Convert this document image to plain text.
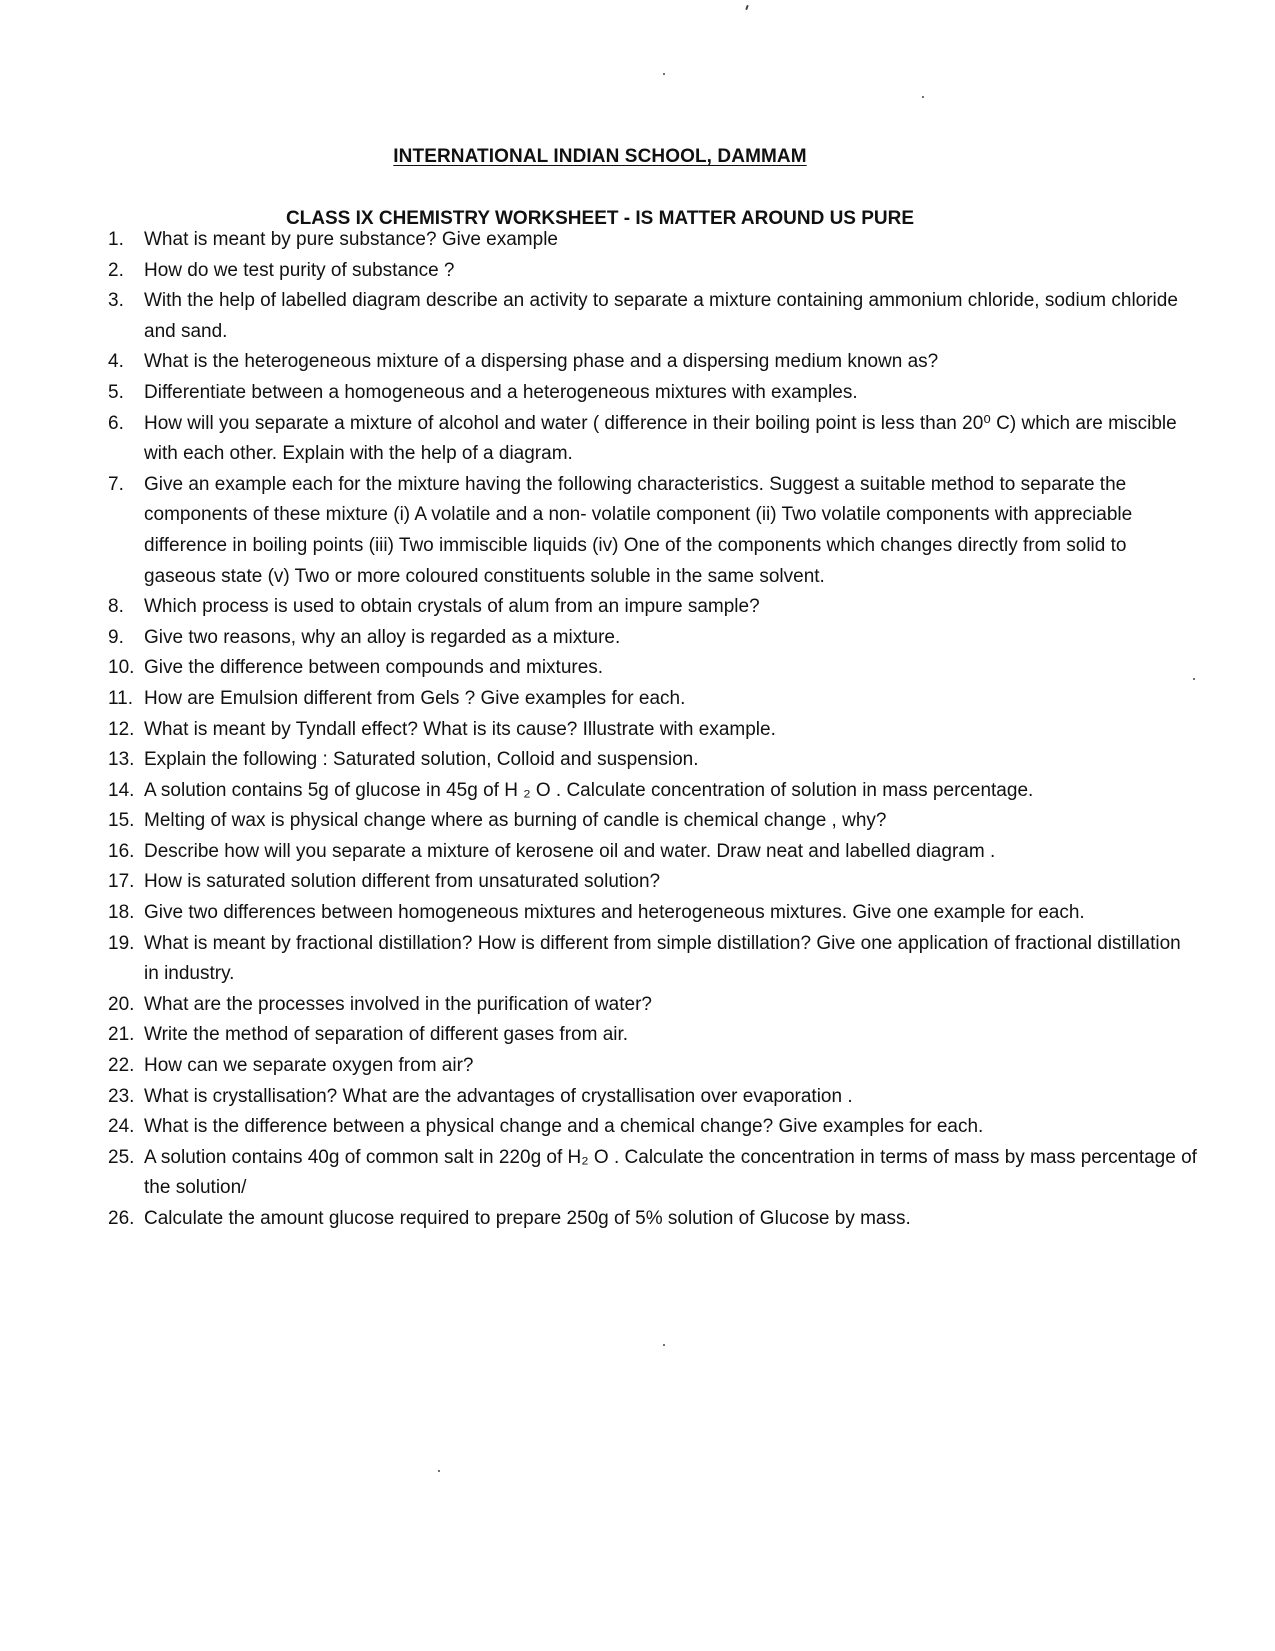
INTERNATIONAL INDIAN SCHOOL, DAMMAM
CLASS IX CHEMISTRY WORKSHEET - IS MATTER AROUND US PURE
1. What is meant by pure substance? Give example
2. How do we test purity of substance ?
3. With the help of labelled diagram describe an activity to separate a mixture containing ammonium chloride, sodium chloride and sand.
4. What is the heterogeneous mixture of a dispersing phase and a dispersing medium known as?
5. Differentiate between a homogeneous and a heterogeneous mixtures with examples.
6. How will you separate a mixture of alcohol and water ( difference in their boiling point is less than 20⁰ C) which are miscible with each other. Explain with the help of a diagram.
7. Give an example each for the mixture having the following characteristics. Suggest a suitable method to separate the components of these mixture (i) A volatile and a non- volatile component (ii) Two volatile components with appreciable difference in boiling points (iii) Two immiscible liquids (iv) One of the components which changes directly from solid to gaseous state (v) Two or more coloured constituents soluble in the same solvent.
8. Which process is used to obtain crystals of alum from an impure sample?
9. Give two reasons, why an alloy is regarded as a mixture.
10. Give the difference between compounds and mixtures.
11. How are Emulsion different from Gels ? Give examples for each.
12. What is meant by Tyndall effect? What is its cause? Illustrate with example.
13. Explain the following : Saturated solution, Colloid and suspension.
14. A solution contains 5g of glucose in 45g of H ₂ O . Calculate concentration of solution in mass percentage.
15. Melting of wax is physical change where as burning of candle is chemical change , why?
16. Describe how will you separate a mixture of kerosene oil and water. Draw neat and labelled diagram .
17. How is saturated solution different from unsaturated solution?
18. Give two differences between homogeneous mixtures and heterogeneous mixtures. Give one example for each.
19. What is meant by fractional distillation? How is different from simple distillation? Give one application of fractional distillation in industry.
20. What are the processes involved in the purification of water?
21. Write the method of separation of different gases from air.
22. How can we separate oxygen from air?
23. What is crystallisation? What are the advantages of crystallisation over evaporation .
24. What is the difference between a physical change and a chemical change? Give examples for each.
25. A solution contains 40g of common salt in 220g of H₂ O . Calculate the concentration in terms of mass by mass percentage of the solution/
26. Calculate the amount glucose required to prepare 250g of 5% solution of Glucose by mass.
